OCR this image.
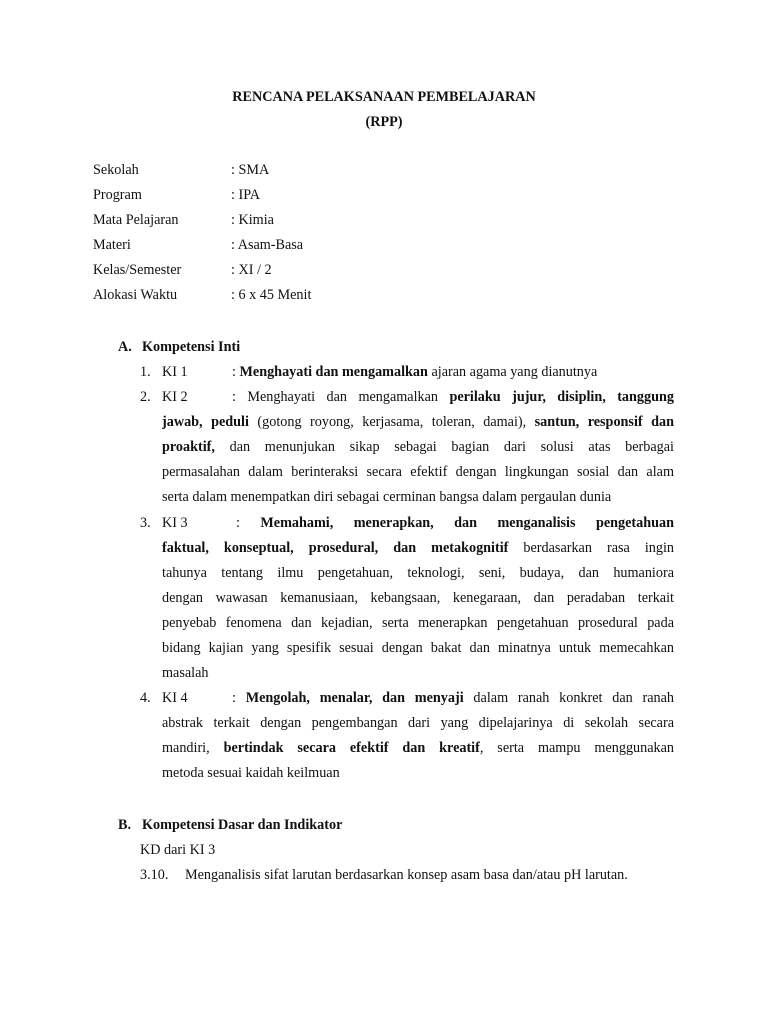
RENCANA PELAKSANAAN PEMBELAJARAN
(RPP)
Sekolah	: SMA
Program	: IPA
Mata Pelajaran	: Kimia
Materi	: Asam-Basa
Kelas/Semester	: XI / 2
Alokasi Waktu	: 6 x 45 Menit
A. Kompetensi Inti
1. KI 1	: Menghayati dan mengamalkan ajaran agama yang dianutnya
2. KI 2	: Menghayati dan mengamalkan perilaku jujur, disiplin, tanggung
jawab, peduli (gotong royong, kerjasama, toleran, damai), santun, responsif dan
proaktif, dan menunjukan sikap sebagai bagian dari solusi atas berbagai
permasalahan dalam berinteraksi secara efektif dengan lingkungan sosial dan alam
serta dalam menempatkan diri sebagai cerminan bangsa dalam pergaulan dunia
3. KI 3	: Memahami, menerapkan, dan menganalisis pengetahuan
faktual, konseptual, prosedural, dan metakognitif berdasarkan rasa ingin
tahunya tentang ilmu pengetahuan, teknologi, seni, budaya, dan humaniora
dengan wawasan kemanusiaan, kebangsaan, kenegaraan, dan peradaban terkait
penyebab fenomena dan kejadian, serta menerapkan pengetahuan prosedural pada
bidang kajian yang spesifik sesuai dengan bakat dan minatnya untuk memecahkan
masalah
4. KI 4	: Mengolah, menalar, dan menyaji dalam ranah konkret dan ranah
abstrak terkait dengan pengembangan dari yang dipelajarinya di sekolah secara
mandiri, bertindak secara efektif dan kreatif, serta mampu menggunakan
metoda sesuai kaidah keilmuan
B. Kompetensi Dasar dan Indikator
KD dari KI 3
3.10. Menganalisis sifat larutan berdasarkan konsep asam basa dan/atau pH larutan.
